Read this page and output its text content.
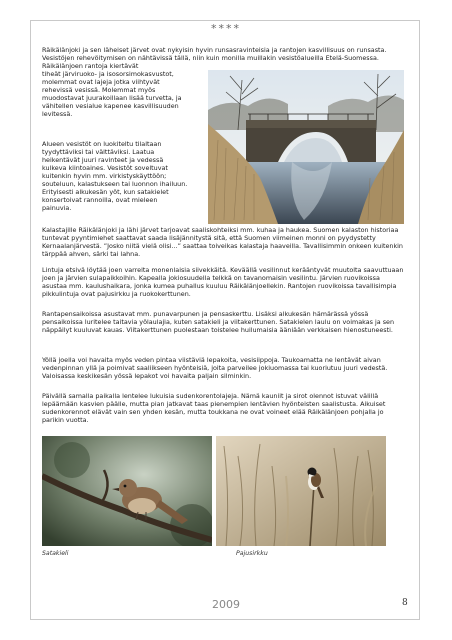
****

Räikälänjoki ja sen läheiset järvet ovat nykyisin hyvin runsasravinteisia ja rantojen kasvillisuus on runsasta. Vesistöjen rehevöitymisen on nähtävissä tällä, niin kuin monilla muillakin vesistöalueilla Etelä-Suomessa. Räikälänjoen rantoja kiertävät

tiheät järviruoko- ja isosorsimokasvustot,

molemmat ovat lajeja jotka viihtyvät

rehevissä vesissä. Molemmat myös

muodostavat juurakoillaan lisää turvetta, ja

vähitellen vesialue kapenee kasvillisuuden

levitessä.

Alueen vesistöt on luokiteltu tilaltaan

tyydyttäviksi tai välttäviksi. Laatua

heikentävät juuri ravinteet ja vedessä

kulkeva kiintoaines. Vesistöt soveltuvat

kuitenkin hyvin mm. virkistyskäyttöön;

souteluun, kalastukseen tai luonnon ihailuun.

Erityisesti alkukesän yöt, kun satakielet

konsertoivat rannoilla, ovat mieleen

painuvia.

Kalastajille Räikälänjoki ja lähi järvet tarjoavat saaliskohteiksi mm. kuhaa ja haukea. Suomen kalaston historiaa tuntevat pyyntimiehet saattavat saada lisäjännitystä sitä, että Suomen viimeinen monni on pyydystetty Kernaalanjärvestä. ”Josko niitä vielä olisi...” saattaa toiveikas kalastaja haaveilla. Tavallisimmin onkeen kuitenkin tärppää ahven, särki tai lahna.

Lintuja etsivä löytää joen varrelta monenlaisia siivekkäitä. Keväällä vesilinnut kerääntyvät muutolta saavuttuaan joen ja järvien sulapaikkoihin. Kapealla jokiosuudella telkkä on tavanomaisin vesilintu. Järvien ruovikoissa asustaa mm. kaulushaikara, jonka kumea puhallus kuuluu Räikälänjoellekin. Rantojen ruovikoissa tavallisimpia pikkulintuja ovat pajusirkku ja ruokokerttunen.

Rantapensaikoissa asustavat mm. punavarpunen ja pensaskerttu. Lisäksi alkukesän hämärässä yössä pensaikoissa luritelee taitavia yölaulajia, kuten satakieli ja viitakerttunen. Satakielen laulu on voimakas ja sen näppäilyt kuuluvat kauas. Viitakerttunen puolestaan toistelee huilumaisia ääniään verkkaisen hienostuneesti.

Yöllä joella voi havaita myös veden pintaa viistäviä lepakoita, vesisiippoja. Taukoamatta ne lentävät aivan vedenpinnan yllä ja poimivat saaliikseen hyönteisiä, joita parveilee jokiuomassa tai kuoriutuu juuri vedestä. Valoisassa keskikesän yössä lepakot voi havaita paljain silminkin.

Päivällä samalla paikalla lentelee lukuisia sudenkorentolajeja. Nämä kauniit ja sirot olennot istuvat välillä lepäämään kasvien päälle, mutta pian jatkavat taas pienempien lentävien hyönteisten saalistusta. Aikuiset sudenkorennot elävät vain sen yhden kesän, mutta toukkana ne ovat voineet elää Räikälänjoen pohjalla jo parikin vuotta.

Satakieli	Pajusirkku
2009	8
